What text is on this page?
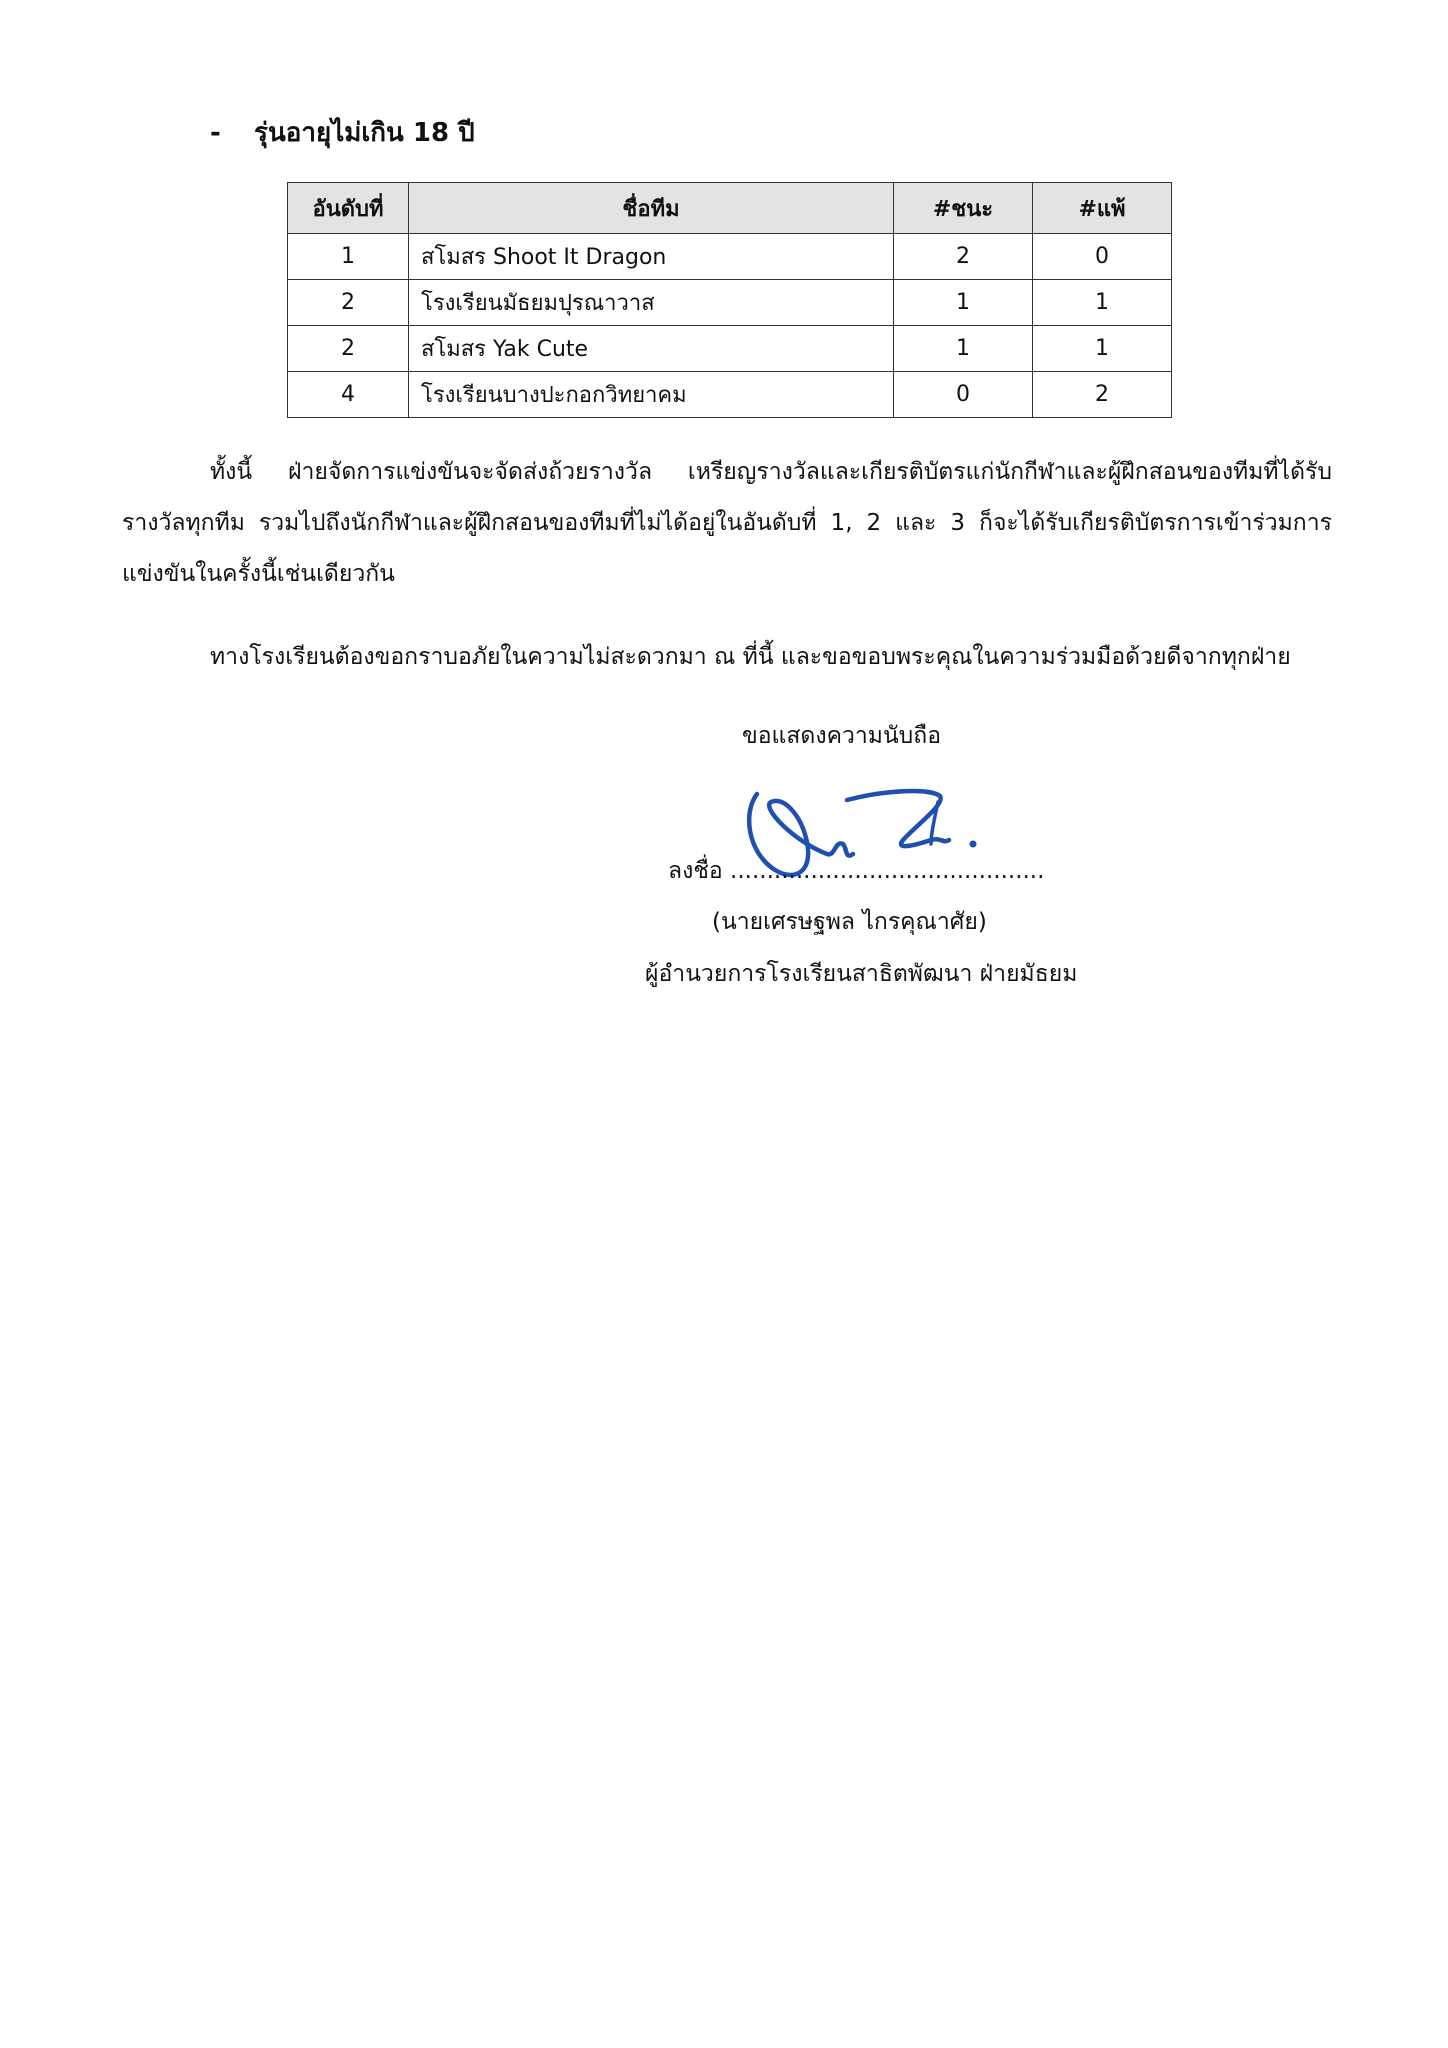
- รุ่นอายุไม่เกิน 18 ปี
อันดับที่	ชื่อทีม	#ชนะ	#แพ้
1	สโมสร Shoot It Dragon	2	0
2	โรงเรียนมัธยมปุรณาวาส	1	1
2	สโมสร Yak Cute	1	1
4	โรงเรียนบางปะกอกวิทยาคม	0	2
ทั้งนี้ ฝ่ายจัดการแข่งขันจะจัดส่งถ้วยรางวัล เหรียญรางวัลและเกียรติบัตรแก่นักกีฬาและผู้ฝึกสอนของทีมที่ได้รับรางวัลทุกทีม รวมไปถึงนักกีฬาและผู้ฝึกสอนของทีมที่ไม่ได้อยู่ในอันดับที่ 1, 2 และ 3 ก็จะได้รับเกียรติบัตรการเข้าร่วมการแข่งขันในครั้งนี้เช่นเดียวกัน
ทางโรงเรียนต้องขอกราบอภัยในความไม่สะดวกมา ณ ที่นี้ และขอขอบพระคุณในความร่วมมือด้วยดีจากทุกฝ่าย
ขอแสดงความนับถือ
ลงชื่อ ...........................................
(นายเศรษฐพล ไกรคุณาศัย)
ผู้อำนวยการโรงเรียนสาธิตพัฒนา ฝ่ายมัธยม
